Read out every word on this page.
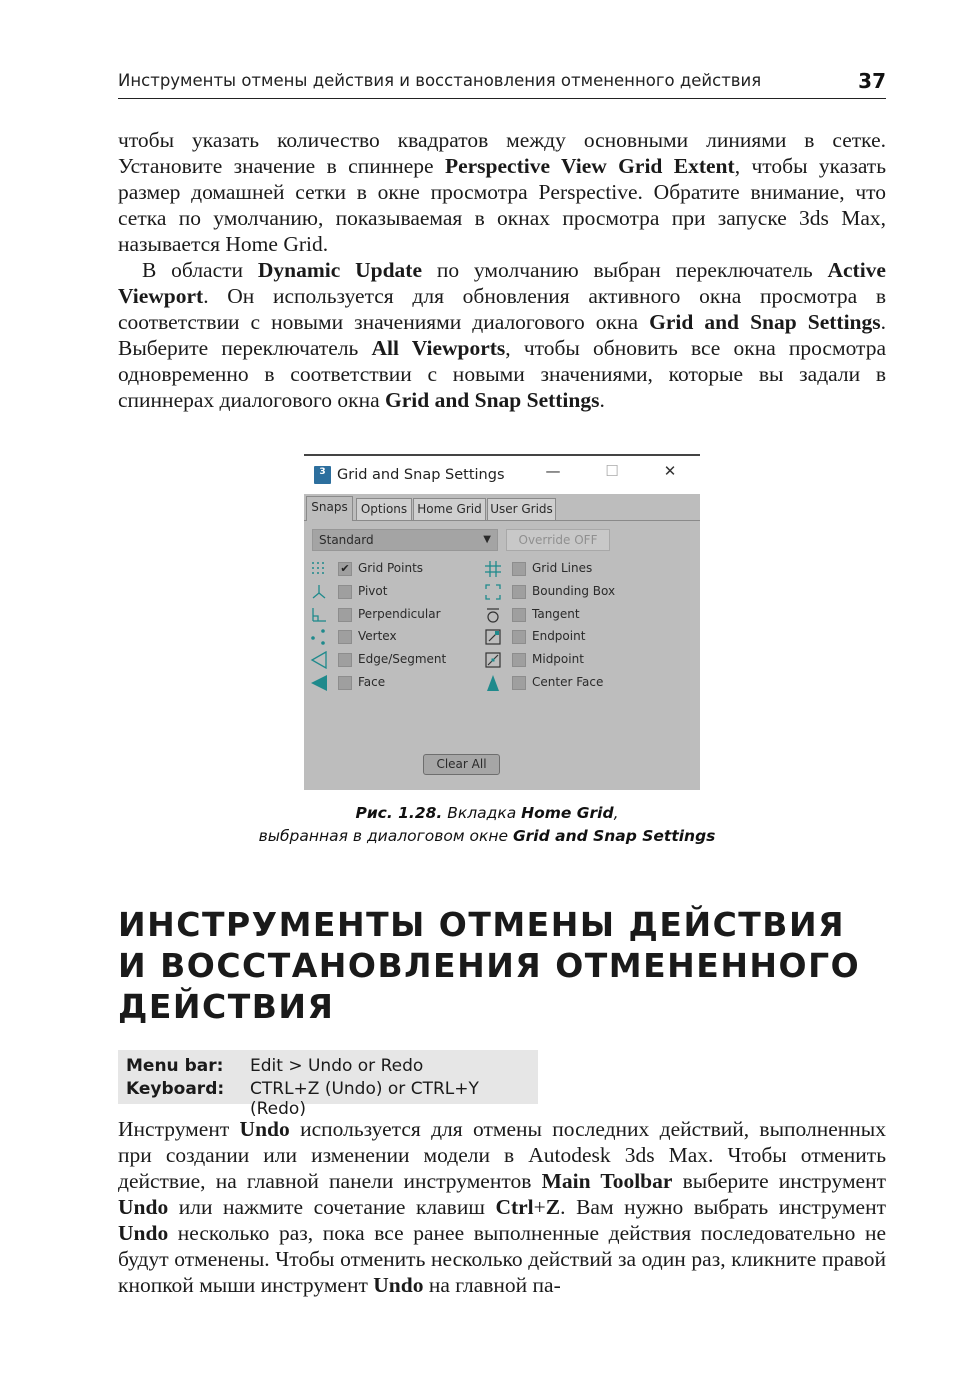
Инструменты отмены действия и восстановления отмененного действия	37

чтобы указать количество квадратов между основными линиями в сетке. Установите значение в спиннере Perspective View Grid Extent, чтобы указать размер домашней сетки в окне просмотра Perspective. Обратите внимание, что сетка по умолчанию, показываемая в окнах просмотра при запуске 3ds Max, называется Home Grid.

В области Dynamic Update по умолчанию выбран переключатель Active Viewport. Он используется для обновления активного окна просмотра в соответствии с новыми значениями диалогового окна Grid and Snap Settings. Выберите переключатель All Viewports, чтобы обновить все окна просмотра одновременно в соответствии с новыми значениями, которые вы задали в спиннерах диалогового окна Grid and Snap Settings.

3 Grid and Snap Settings	—	☐	✕
Snaps	Options Home Grid User Grids
Standard	▼	Override OFF
✔ Grid Points
Pivot
Perpendicular
Vertex
Edge/Segment
Face
Grid Lines
Bounding Box
Tangent
Endpoint
Midpoint
Center Face
Clear All
Рис. 1.28. Вкладка Home Grid,
выбранная в диалоговом окне Grid and Snap Settings
ИНСТРУМЕНТЫ ОТМЕНЫ ДЕЙСТВИЯ
И ВОССТАНОВЛЕНИЯ ОТМЕНЕННОГО
ДЕЙСТВИЯ
Menu bar: Edit > Undo or Redo
Keyboard: CTRL+Z (Undo) or CTRL+Y (Redo)

Инструмент Undo используется для отмены последних действий, выполненных при создании или изменении модели в Autodesk 3ds Max. Чтобы отменить действие, на главной панели инструментов Main Toolbar выберите инструмент Undo или нажмите сочетание клавиш Ctrl+Z. Вам нужно выбрать инструмент Undo несколько раз, пока все ранее выполненные действия последовательно не будут отменены. Чтобы отменить несколько действий за один раз, кликните правой кнопкой мыши инструмент Undo на главной па-
